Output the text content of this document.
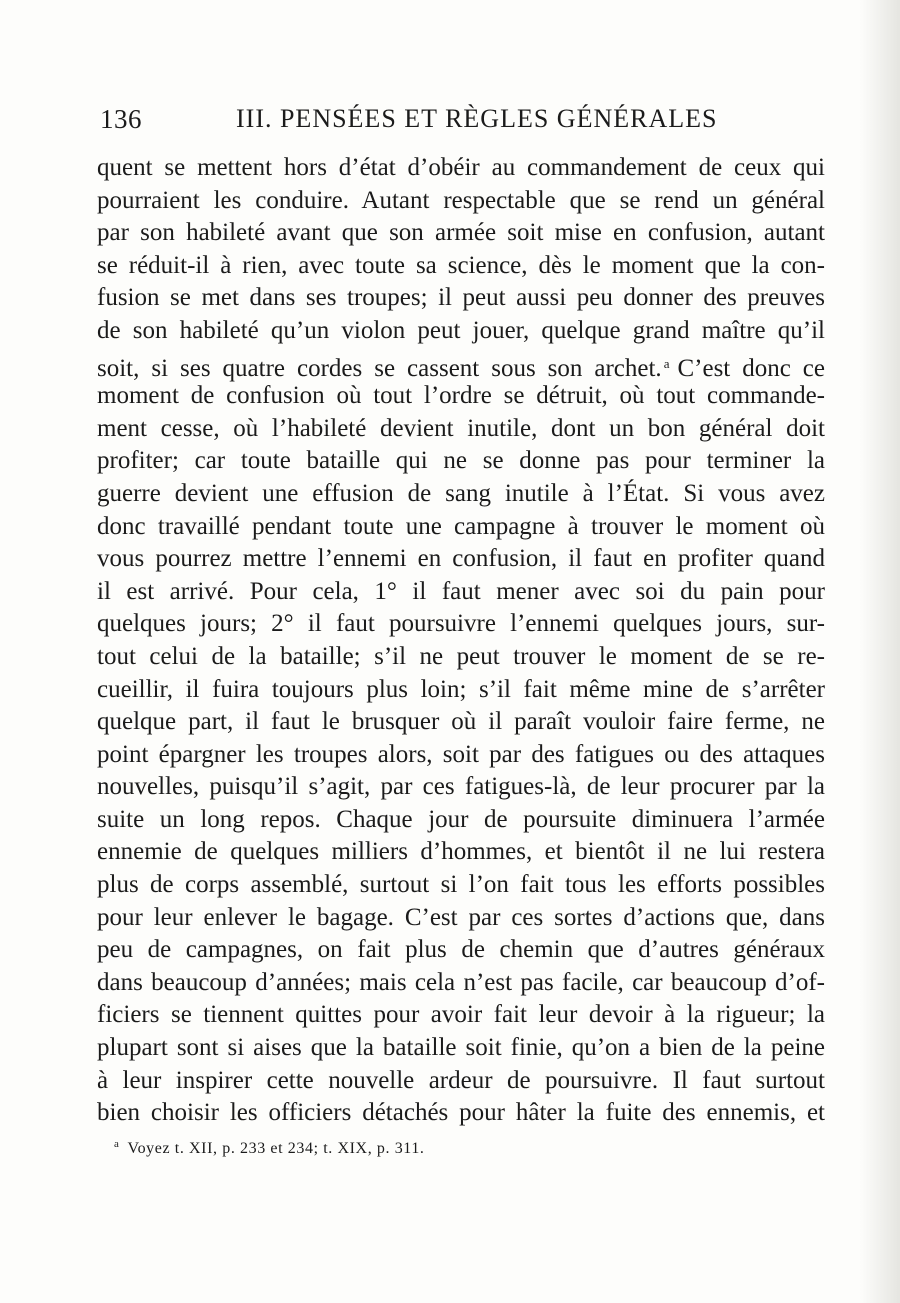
136	III. PENSÉES ET RÈGLES GÉNÉRALES
quent se mettent hors d’état d’obéir au commandement de ceux qui
pourraient les conduire. Autant respectable que se rend un général
par son habileté avant que son armée soit mise en confusion, autant
se réduit-il à rien, avec toute sa science, dès le moment que la con-
fusion se met dans ses troupes; il peut aussi peu donner des preuves
de son habileté qu’un violon peut jouer, quelque grand maître qu’il
soit, si ses quatre cordes se cassent sous son archet. $^a$ C’est donc ce
moment de confusion où tout l’ordre se détruit, où tout commande-
ment cesse, où l’habileté devient inutile, dont un bon général doit
profiter; car toute bataille qui ne se donne pas pour terminer la
guerre devient une effusion de sang inutile à l’État. Si vous avez
donc travaillé pendant toute une campagne à trouver le moment où
vous pourrez mettre l’ennemi en confusion, il faut en profiter quand
il est arrivé. Pour cela, 1° il faut mener avec soi du pain pour
quelques jours; 2° il faut poursuivre l’ennemi quelques jours, sur-
tout celui de la bataille; s’il ne peut trouver le moment de se re-
cueillir, il fuira toujours plus loin; s’il fait même mine de s’arrêter
quelque part, il faut le brusquer où il paraît vouloir faire ferme, ne
point épargner les troupes alors, soit par des fatigues ou des attaques
nouvelles, puisqu’il s’agit, par ces fatigues-là, de leur procurer par la
suite un long repos. Chaque jour de poursuite diminuera l’armée
ennemie de quelques milliers d’hommes, et bientôt il ne lui restera
plus de corps assemblé, surtout si l’on fait tous les efforts possibles
pour leur enlever le bagage. C’est par ces sortes d’actions que, dans
peu de campagnes, on fait plus de chemin que d’autres généraux
dans beaucoup d’années; mais cela n’est pas facile, car beaucoup d’of-
ficiers se tiennent quittes pour avoir fait leur devoir à la rigueur; la
plupart sont si aises que la bataille soit finie, qu’on a bien de la peine
à leur inspirer cette nouvelle ardeur de poursuivre. Il faut surtout
bien choisir les officiers détachés pour hâter la fuite des ennemis, et
$^a$ Voyez t. XII, p. 233 et 234; t. XIX, p. 311.
